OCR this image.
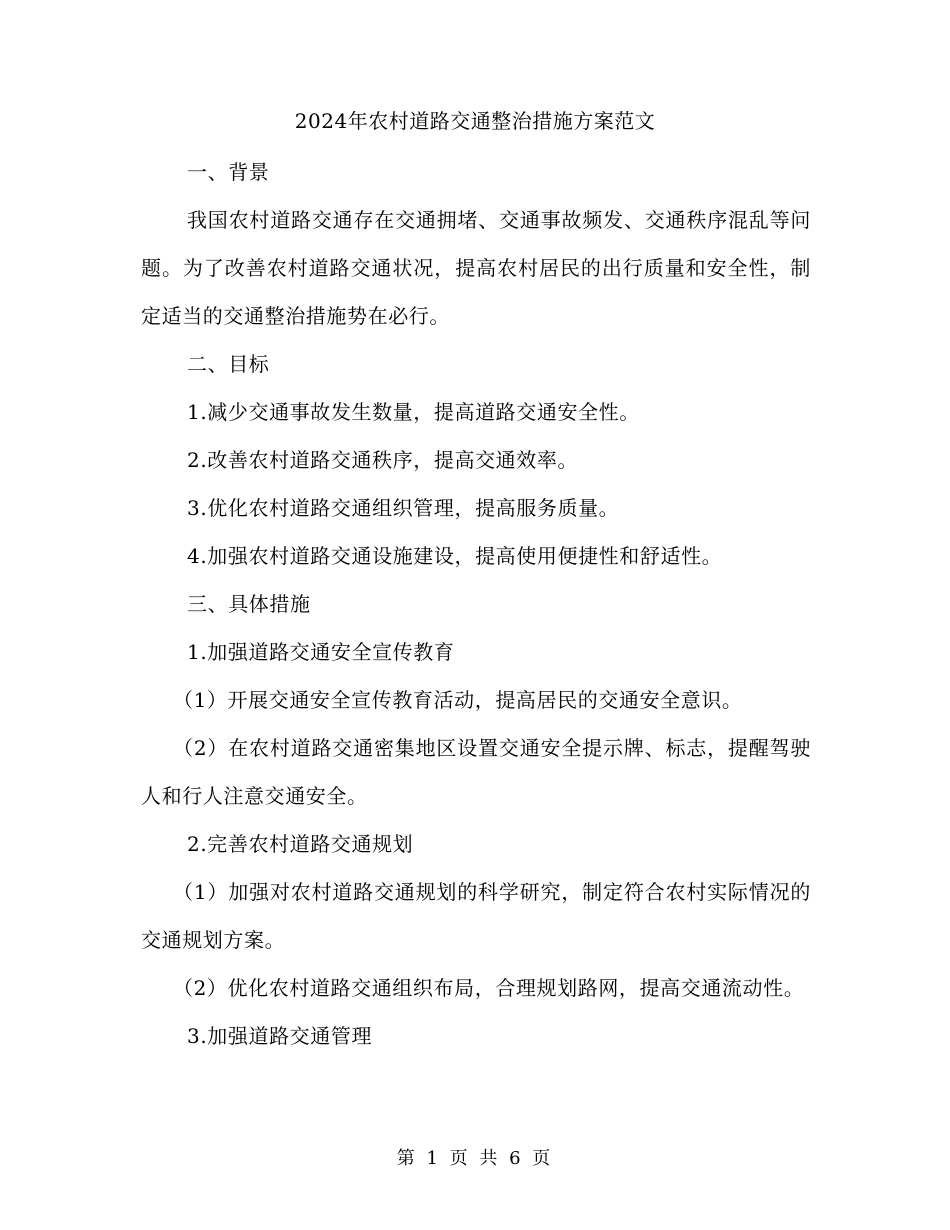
2024年农村道路交通整治措施方案范文

一、背景

我国农村道路交通存在交通拥堵、交通事故频发、交通秩序混乱等问题。为了改善农村道路交通状况，提高农村居民的出行质量和安全性，制定适当的交通整治措施势在必行。

二、目标

1.减少交通事故发生数量，提高道路交通安全性。

2.改善农村道路交通秩序，提高交通效率。

3.优化农村道路交通组织管理，提高服务质量。

4.加强农村道路交通设施建设，提高使用便捷性和舒适性。

三、具体措施

1.加强道路交通安全宣传教育

（1）开展交通安全宣传教育活动，提高居民的交通安全意识。

（2）在农村道路交通密集地区设置交通安全提示牌、标志，提醒驾驶人和行人注意交通安全。

2.完善农村道路交通规划

（1）加强对农村道路交通规划的科学研究，制定符合农村实际情况的交通规划方案。

（2）优化农村道路交通组织布局，合理规划路网，提高交通流动性。

3.加强道路交通管理

第 1 页 共 6 页
